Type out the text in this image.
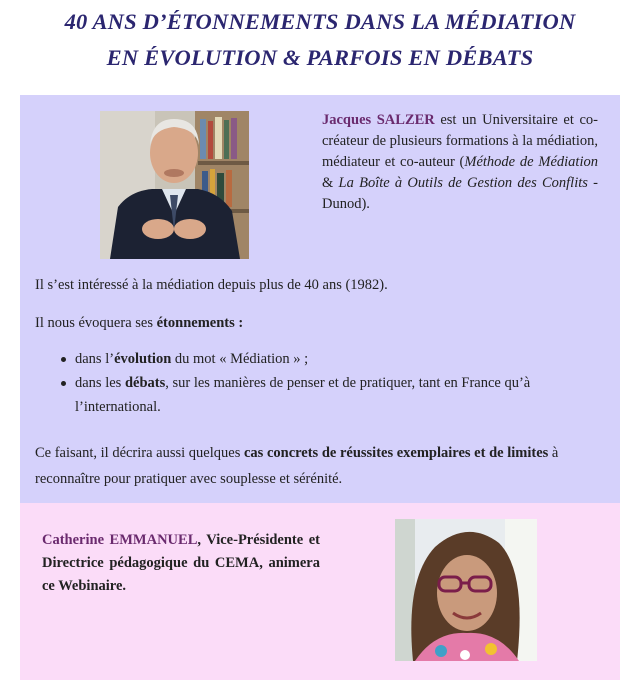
40 ANS D’ÉTONNEMENTS DANS LA MÉDIATION
EN ÉVOLUTION & PARFOIS EN DÉBATS
Jacques SALZER est un Universitaire et co-créateur de plusieurs formations à la médiation, médiateur et co-auteur (Méthode de Médiation & La Boîte à Outils de Gestion des Conflits - Dunod).
Il s’est intéressé à la médiation depuis plus de 40 ans (1982).
Il nous évoquera ses étonnements :
dans l’évolution du mot « Médiation » ;
dans les débats, sur les manières de penser et de pratiquer, tant en France qu’à l’international.
Ce faisant, il décrira aussi quelques cas concrets de réussites exemplaires et de limites à reconnaître pour pratiquer avec souplesse et sérénité.
Catherine EMMANUEL, Vice-Présidente et Directrice pédagogique du CEMA, animera ce Webinaire.
